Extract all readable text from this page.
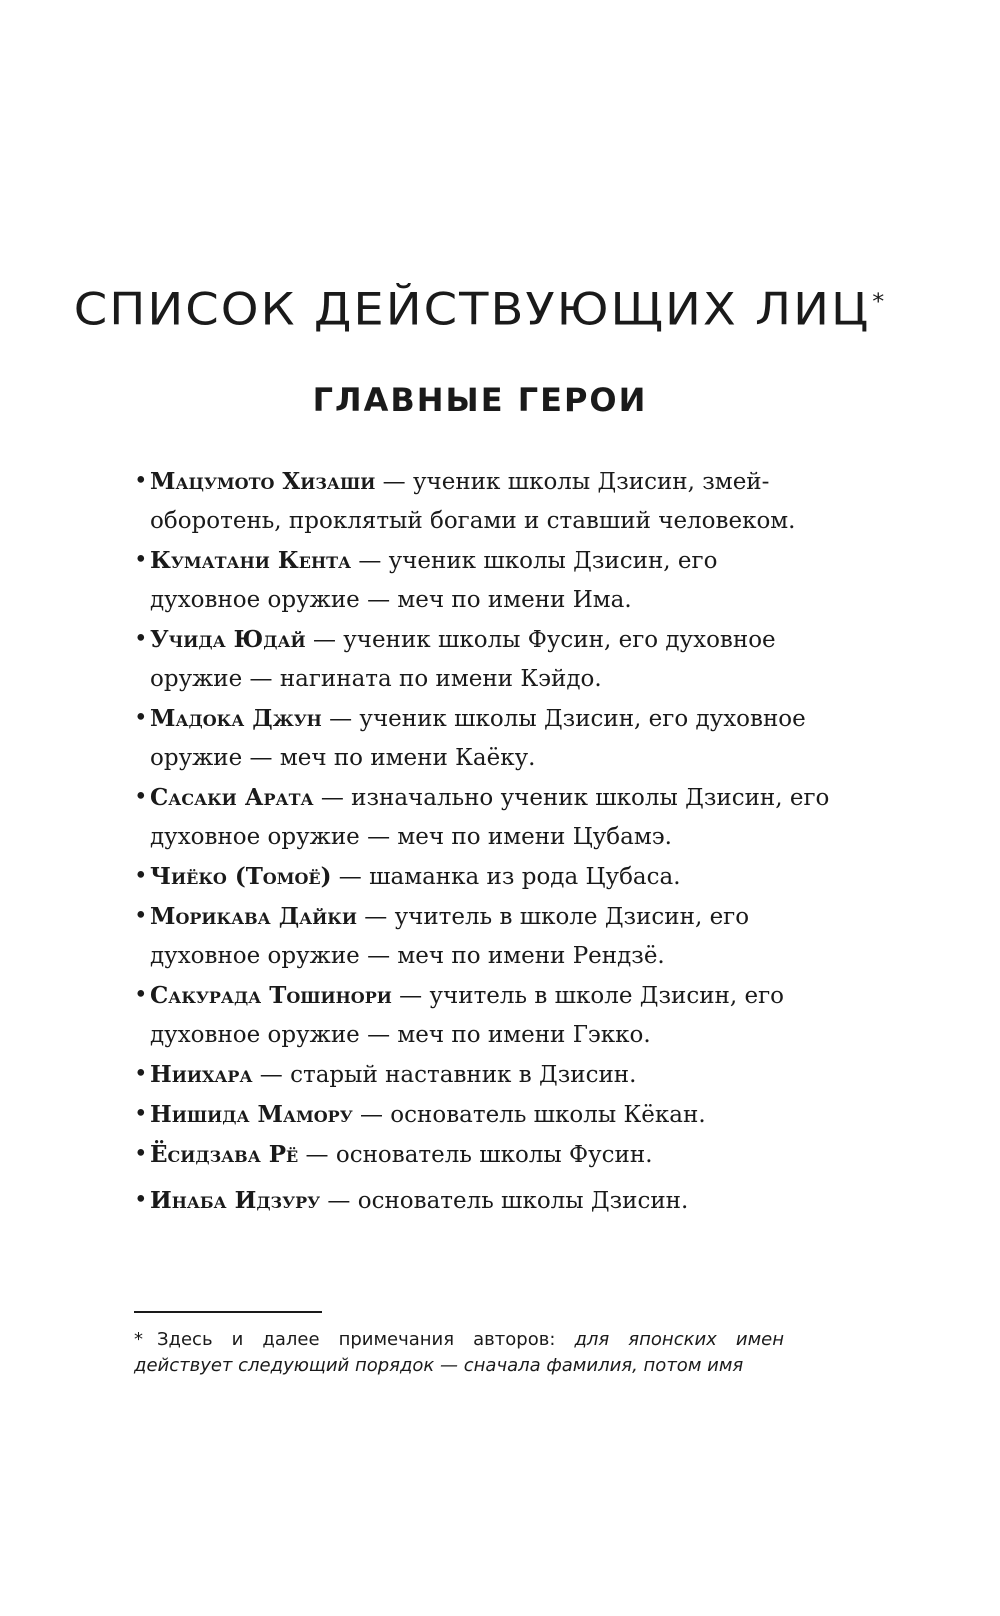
СПИСОК ДЕЙСТВУЮЩИХ ЛИЦ*
ГЛАВНЫЕ ГЕРОИ
• Мацумото Хизаши — ученик школы Дзисин, змей-оборотень, проклятый богами и ставший человеком.
• Куматани Кента — ученик школы Дзисин, его духовное оружие — меч по имени Има.
• Учида Юдай — ученик школы Фусин, его духовное оружие — нагината по имени Кэйдо.
• Мадока Джун — ученик школы Дзисин, его духовное оружие — меч по имени Каёку.
• Сасаки Арата — изначально ученик школы Дзисин, его духовное оружие — меч по имени Цубамэ.
• Чиёко (Томоё) — шаманка из рода Цубаса.
• Морикава Дайки — учитель в школе Дзисин, его духовное оружие — меч по имени Рендзё.
• Сакурада Тошинори — учитель в школе Дзисин, его духовное оружие — меч по имени Гэкко.
• Ниихара — старый наставник в Дзисин.
• Нишида Мамору — основатель школы Кёкан.
• Ёсидзава Рё — основатель школы Фусин.
• Инаба Идзуру — основатель школы Дзисин.

* Здесь и далее примечания авторов: для японских имен действует следующий порядок — сначала фамилия, потом имя
